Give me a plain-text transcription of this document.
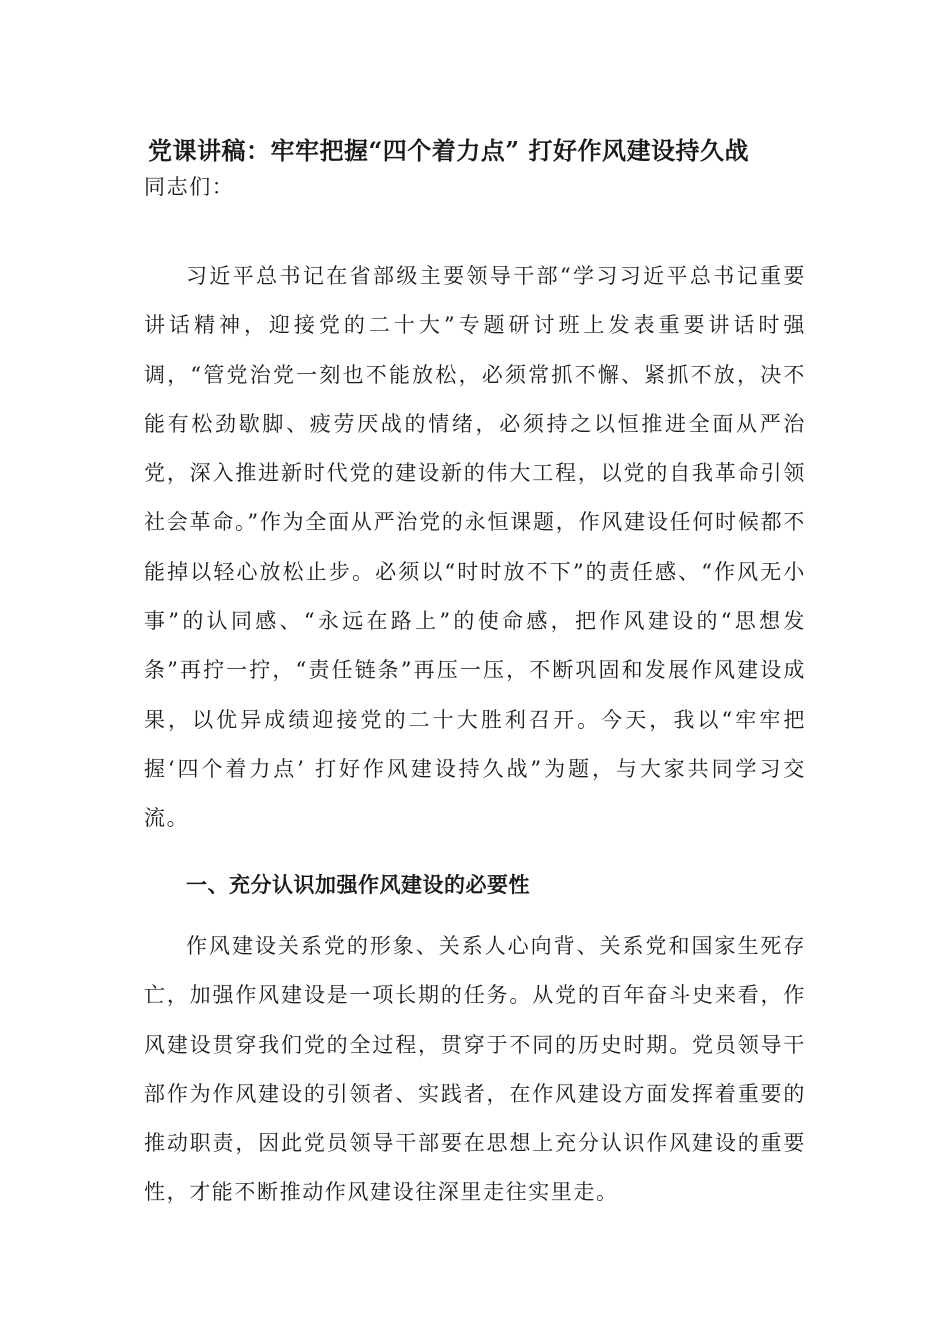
党课讲稿：牢牢把握“四个着力点” 打好作风建设持久战
同志们：
习近平总书记在省部级主要领导干部“学习习近平总书记重要讲话精神，迎接党的二十大”专题研讨班上发表重要讲话时强调，“管党治党一刻也不能放松，必须常抓不懈、紧抓不放，决不能有松劲歇脚、疲劳厌战的情绪，必须持之以恒推进全面从严治党，深入推进新时代党的建设新的伟大工程，以党的自我革命引领社会革命。”作为全面从严治党的永恒课题，作风建设任何时候都不能掉以轻心放松止步。必须以“时时放不下”的责任感、“作风无小事”的认同感、“永远在路上”的使命感，把作风建设的“思想发条”再拧一拧，“责任链条”再压一压，不断巩固和发展作风建设成果，以优异成绩迎接党的二十大胜利召开。今天，我以“牢牢把握‘四个着力点’ 打好作风建设持久战”为题，与大家共同学习交流。
一、充分认识加强作风建设的必要性
作风建设关系党的形象、关系人心向背、关系党和国家生死存亡，加强作风建设是一项长期的任务。从党的百年奋斗史来看，作风建设贯穿我们党的全过程，贯穿于不同的历史时期。党员领导干部作为作风建设的引领者、实践者，在作风建设方面发挥着重要的推动职责，因此党员领导干部要在思想上充分认识作风建设的重要性，才能不断推动作风建设往深里走往实里走。
